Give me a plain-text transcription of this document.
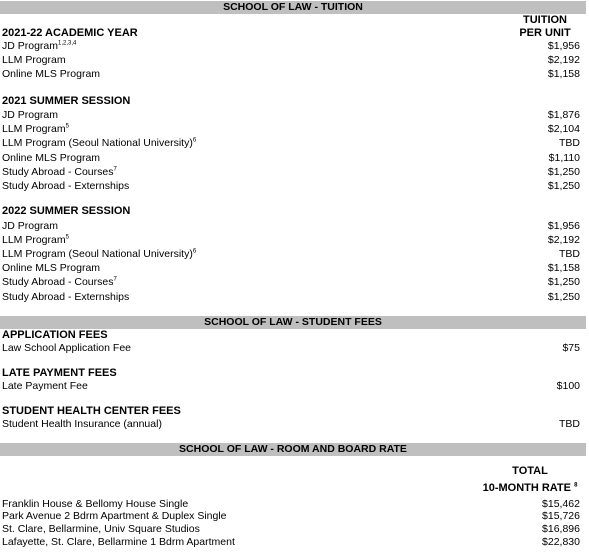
SCHOOL OF LAW - TUITION
TUITION
PER UNIT
2021-22 ACADEMIC YEAR
JD Program$^{1,2,3,4}$	$1,956
LLM Program	$2,192
Online MLS Program	$1,158
2021 SUMMER SESSION
JD Program	$1,876
LLM Program$^5$	$2,104
LLM Program (Seoul National University)$^6$	TBD
Online MLS Program	$1,110
Study Abroad - Courses$^7$	$1,250
Study Abroad - Externships	$1,250
2022 SUMMER SESSION
JD Program	$1,956
LLM Program$^5$	$2,192
LLM Program (Seoul National University)$^6$	TBD
Online MLS Program	$1,158
Study Abroad - Courses$^7$	$1,250
Study Abroad - Externships	$1,250
SCHOOL OF LAW - STUDENT FEES
APPLICATION FEES
Law School Application Fee	$75
LATE PAYMENT FEES
Late Payment Fee	$100
STUDENT HEALTH CENTER FEES
Student Health Insurance (annual)	TBD
SCHOOL OF LAW - ROOM AND BOARD RATE
TOTAL
10-MONTH RATE $^8$
Franklin House & Bellomy House Single	$15,462
Park Avenue 2 Bdrm Apartment & Duplex Single	$15,726
St. Clare, Bellarmine, Univ Square Studios	$16,896
Lafayette, St. Clare, Bellarmine 1 Bdrm Apartment	$22,830
